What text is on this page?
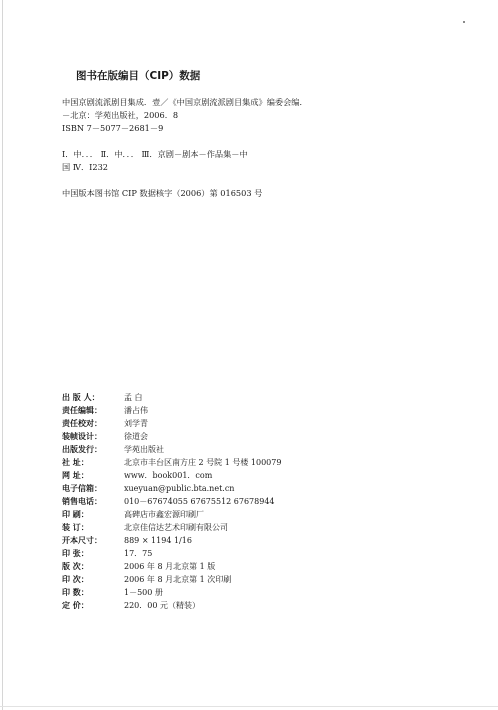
图书在版编目（CIP）数据
中国京剧流派剧目集成．壹／《中国京剧流派剧目集成》编委会编．
－北京：学苑出版社，2006．8
ISBN 7－5077－2681－9
Ⅰ．中．．． Ⅱ．中．．． Ⅲ．京剧－剧本－作品集－中
国 Ⅳ．I232
中国版本图书馆 CIP 数据核字（2006）第 016503 号
出 版 人：	孟 白
责任编辑：	潘占伟
责任校对：	刘学青
装帧设计：	徐道会
出版发行：	学苑出版社
社 址：	北京市丰台区南方庄 2 号院 1 号楼 100079
网 址：	www．book001．com
电子信箱：	xueyuan@public.bta.net.cn
销售电话：	010－67674055 67675512 67678944
印 刷：	高碑店市鑫宏源印刷厂
装 订：	北京佳信达艺术印刷有限公司
开本尺寸：	889 × 1194 1/16
印 张：	17．75
版 次：	2006 年 8 月北京第 1 版
印 次：	2006 年 8 月北京第 1 次印刷
印 数：	1－500 册
定 价：	220．00 元（精装）
